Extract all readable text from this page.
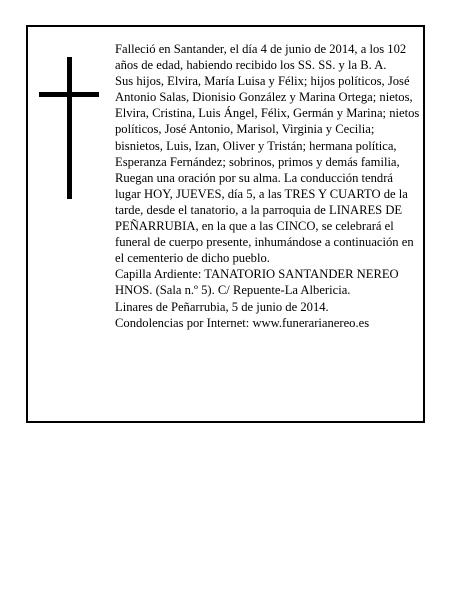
Falleció en Santander, el día 4 de junio de 2014, a los 102 años de edad, habiendo recibido los SS. SS. y la B. A.

Sus hijos, Elvira, María Luisa y Félix; hijos políticos, José Antonio Salas, Dionisio González y Marina Ortega; nietos, Elvira, Cristina, Luis Ángel, Félix, Germán y Marina; nietos políticos, José Antonio, Marisol, Virginia y Cecilia; bisnietos, Luis, Izan, Oliver y Tristán; hermana política, Esperanza Fernández; sobrinos, primos y demás familia,

Ruegan una oración por su alma. La conducción tendrá lugar HOY, JUEVES, día 5, a las TRES Y CUARTO de la tarde, desde el tanatorio, a la parroquia de LINARES DE PEÑARRUBIA, en la que a las CINCO, se celebrará el funeral de cuerpo presente, inhumándose a continuación en el cementerio de dicho pueblo.

Capilla Ardiente: TANATORIO SANTANDER NEREO HNOS. (Sala n.º 5). C/ Repuente-La Albericia.

Linares de Peñarrubia, 5 de junio de 2014.

Condolencias por Internet: www.funerarianereo.es
